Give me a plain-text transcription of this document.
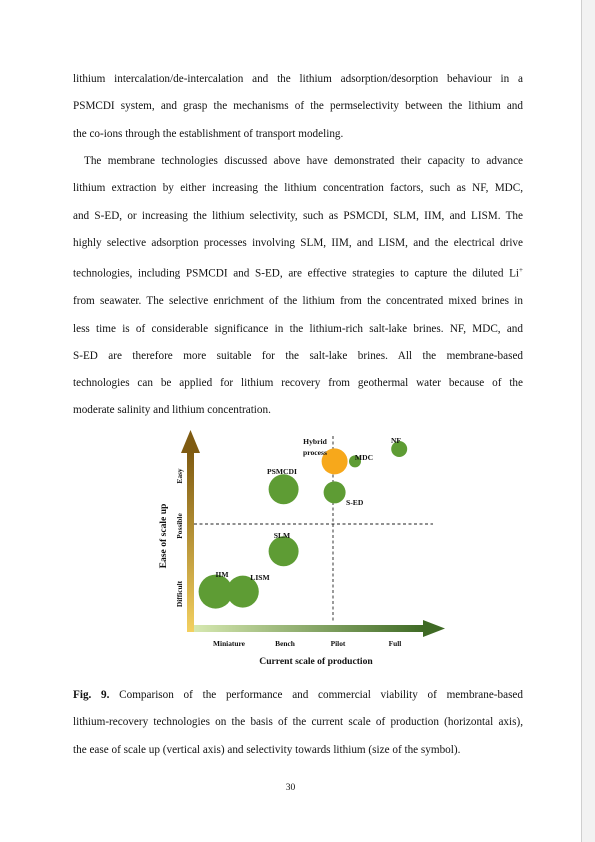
lithium intercalation/de-intercalation and the lithium adsorption/desorption behaviour in a

PSMCDI system, and grasp the mechanisms of the permselectivity between the lithium and

the co-ions through the establishment of transport modeling.

The membrane technologies discussed above have demonstrated their capacity to advance

lithium extraction by either increasing the lithium concentration factors, such as NF, MDC,

and S-ED, or increasing the lithium selectivity, such as PSMCDI, SLM, IIM, and LISM. The

highly selective adsorption processes involving SLM, IIM, and LISM, and the electrical drive

technologies, including PSMCDI and S-ED, are effective strategies to capture the diluted Li+

from seawater. The selective enrichment of the lithium from the concentrated mixed brines in

less time is of considerable significance in the lithium-rich salt-lake brines. NF, MDC, and

S-ED are therefore more suitable for the salt-lake brines. All the membrane-based

technologies can be applied for lithium recovery from geothermal water because of the

moderate salinity and lithium concentration.

Difficult
Possible
Easy
Ease of scale up
Miniature	Bench	Pilot	Full
Current scale of production
IIM	LISM
SLM
PSMCDI
S-ED
MDC
NF
Hybrid
process

Fig. 9. Comparison of the performance and commercial viability of membrane-based

lithium-recovery technologies on the basis of the current scale of production (horizontal axis),

the ease of scale up (vertical axis) and selectivity towards lithium (size of the symbol).

30
